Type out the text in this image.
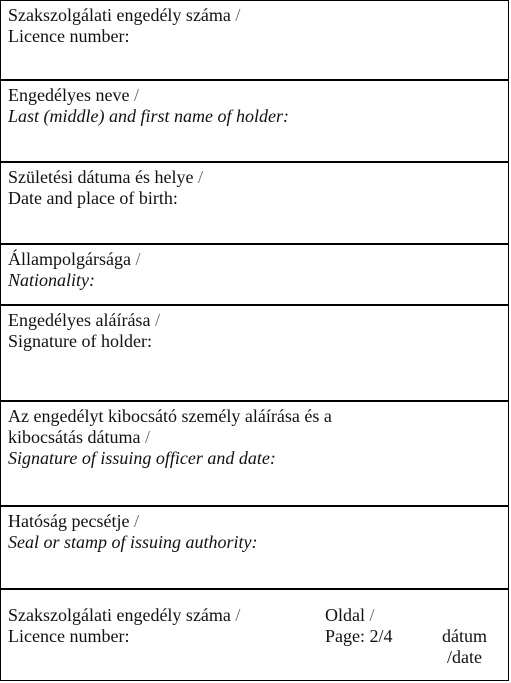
Szakszolgálati engedély száma /
Licence number:
Engedélyes neve /
Last (middle) and first name of holder:
Születési dátuma és helye /
Date and place of birth:
Állampolgársága /
Nationality:
Engedélyes aláírása /
Signature of holder:
Az engedélyt kibocsátó személy aláírása és a
kibocsátás dátuma /
Signature of issuing officer and date:
Hatóság pecsétje /
Seal or stamp of issuing authority:
Szakszolgálati engedély száma /
Licence number:
Oldal /
Page: 2/4	dátum
/date
